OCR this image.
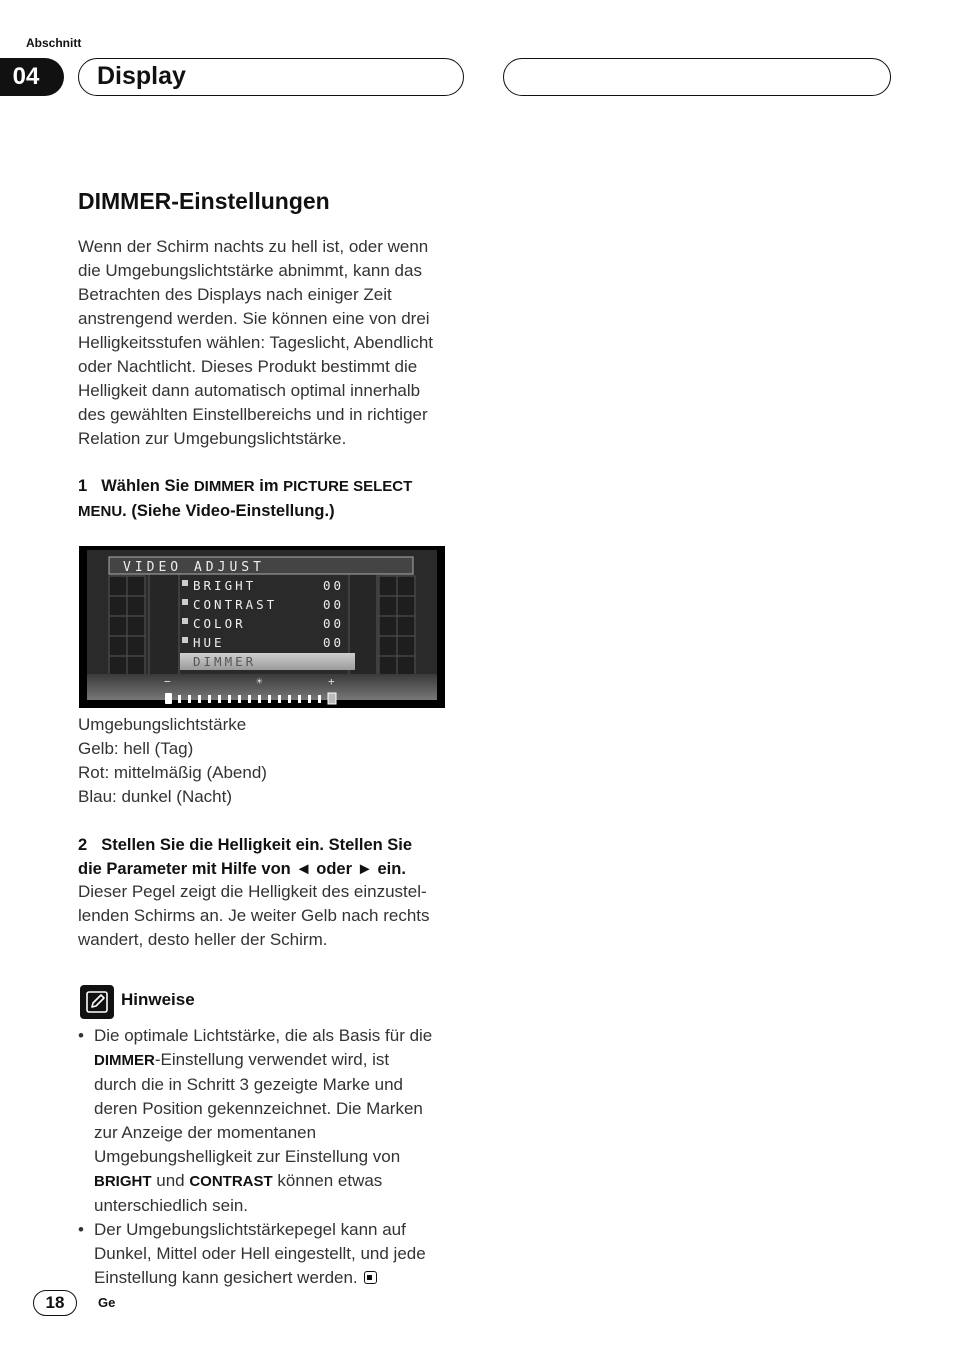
Abschnitt
04	Display
DIMMER-Einstellungen
Wenn der Schirm nachts zu hell ist, oder wenn
die Umgebungslichtstärke abnimmt, kann das
Betrachten des Displays nach einiger Zeit
anstrengend werden. Sie können eine von drei
Helligkeitsstufen wählen: Tageslicht, Abendlicht
oder Nachtlicht. Dieses Produkt bestimmt die
Helligkeit dann automatisch optimal innerhalb
des gewählten Einstellbereichs und in richtiger
Relation zur Umgebungslichtstärke.
1 Wählen Sie DIMMER im PICTURE SELECT
MENU. (Siehe Video-Einstellung.)
VIDEO ADJUST
BRIGHT	00
CONTRAST	00
COLOR	00
HUE	00
DIMMER
−	☀	+
Umgebungslichtstärke
Gelb: hell (Tag)
Rot: mittelmäßig (Abend)
Blau: dunkel (Nacht)
2 Stellen Sie die Helligkeit ein. Stellen Sie
die Parameter mit Hilfe von ◄ oder ► ein.
Dieser Pegel zeigt die Helligkeit des einzustel-
lenden Schirms an. Je weiter Gelb nach rechts
wandert, desto heller der Schirm.
Hinweise
• Die optimale Lichtstärke, die als Basis für die
DIMMER-Einstellung verwendet wird, ist
durch die in Schritt 3 gezeigte Marke und
deren Position gekennzeichnet. Die Marken
zur Anzeige der momentanen
Umgebungshelligkeit zur Einstellung von
BRIGHT und CONTRAST können etwas
unterschiedlich sein.
• Der Umgebungslichtstärkepegel kann auf
Dunkel, Mittel oder Hell eingestellt, und jede
Einstellung kann gesichert werden.
18	Ge
